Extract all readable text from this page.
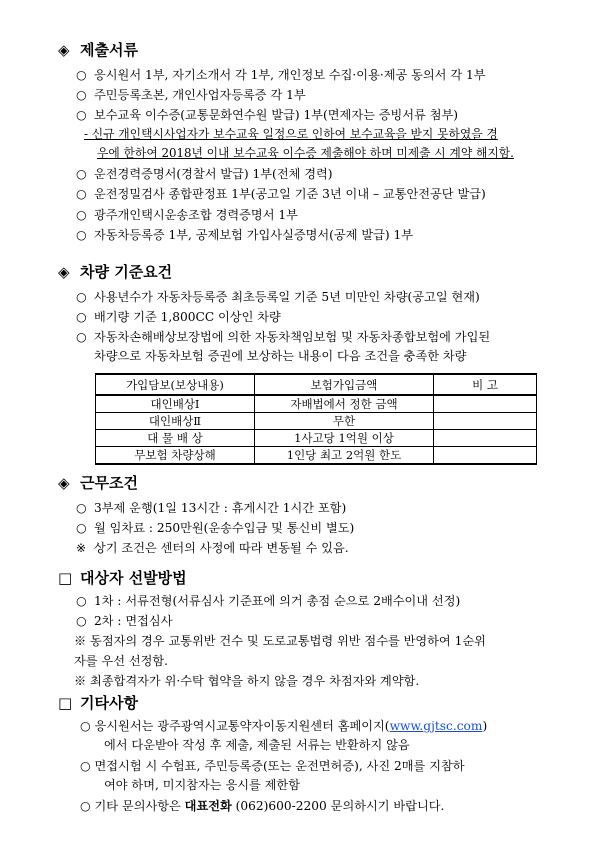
◈ 제출서류
○ 응시원서 1부, 자기소개서 각 1부, 개인정보 수집·이용·제공 동의서 각 1부
○ 주민등록초본, 개인사업자등록증 각 1부
○ 보수교육 이수증(교통문화연수원 발급) 1부(면제자는 증빙서류 첨부)
- 신규 개인택시사업자가 보수교육 일정으로 인하여 보수교육을 받지 못하였을 경
우에 한하여 2018년 이내 보수교육 이수증 제출해야 하며 미제출 시 계약 해지함.
○ 운전경력증명서(경찰서 발급) 1부(전체 경력)
○ 운전정밀검사 종합판정표 1부(공고일 기준 3년 이내 – 교통안전공단 발급)
○ 광주개인택시운송조합 경력증명서 1부
○ 자동차등록증 1부, 공제보험 가입사실증명서(공제 발급) 1부
◈ 차량 기준요건
○ 사용년수가 자동차등록증 최초등록일 기준 5년 미만인 차량(공고일 현재)
○ 배기량 기준 1,800CC 이상인 차량
○ 자동차손해배상보장법에 의한 자동차책임보험 및 자동차종합보험에 가입된
차량으로 자동차보험 증권에 보상하는 내용이 다음 조건을 충족한 차량
가입담보(보상내용)	보험가입금액	비 고
대인배상Ⅰ	자배법에서 정한 금액	
대인배상Ⅱ	무한	
대 물 배 상	1사고당 1억원 이상	
무보험 차량상해	1인당 최고 2억원 한도	
◈ 근무조건
○ 3부제 운행(1일 13시간 : 휴게시간 1시간 포함)
○ 월 임차료 : 250만원(운송수입금 및 통신비 별도)
※ 상기 조건은 센터의 사정에 따라 변동될 수 있음.
□ 대상자 선발방법
○ 1차 : 서류전형(서류심사 기준표에 의거 총점 순으로 2배수이내 선정)
○ 2차 : 면접심사
※ 동점자의 경우 교통위반 건수 및 도로교통법령 위반 점수를 반영하여 1순위
자를 우선 선정함.
※ 최종합격자가 위·수탁 협약을 하지 않을 경우 차점자와 계약함.
□ 기타사항
○ 응시원서는 광주광역시교통약자이동지원센터 홈페이지(www.gjtsc.com)
에서 다운받아 작성 후 제출, 제출된 서류는 반환하지 않음
○ 면접시험 시 수험표, 주민등록증(또는 운전면허증), 사진 2매를 지참하
여야 하며, 미지참자는 응시를 제한함
○ 기타 문의사항은 대표전화 (062)600-2200 문의하시기 바랍니다.
